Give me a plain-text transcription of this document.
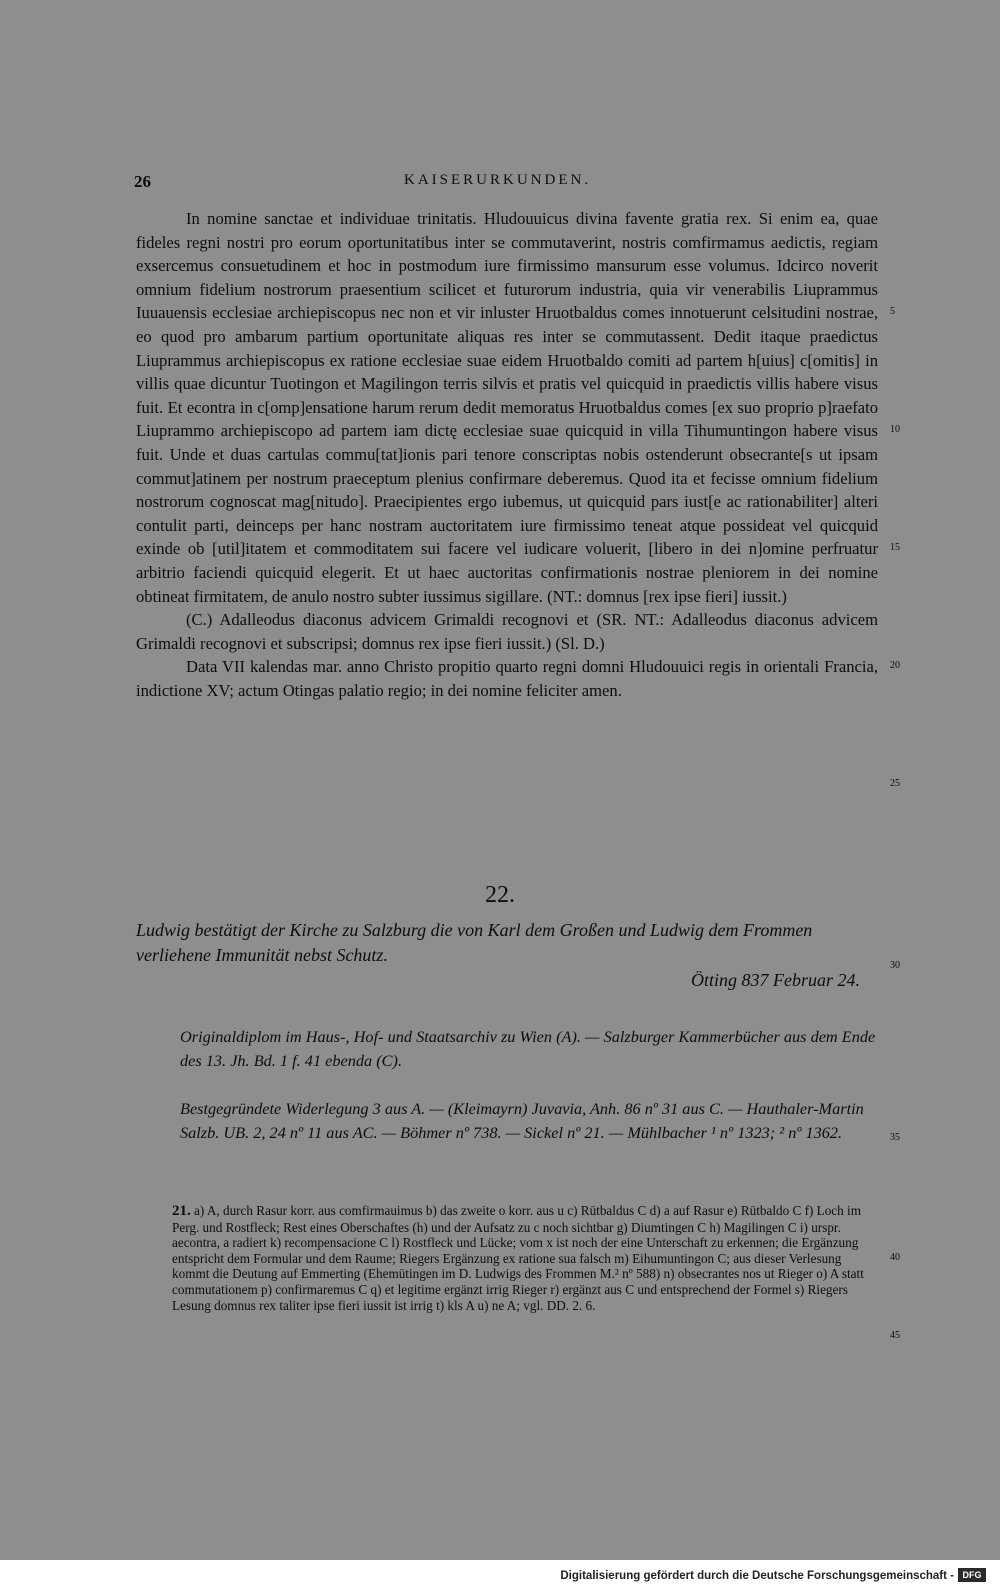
26	KAISERURKUNDEN.

In nomine sanctae et individuae trinitatis. Hludouuicus divina favente gratia rex. Si enim ea, quae fideles regni nostri pro eorum oportunitatibus inter se commutaverint, nostris comfirmamus aedictis, regiam exsercemus consuetudinem et hoc in postmodum iure firmissimo mansurum esse volumus. Idcirco noverit omnium fidelium nostrorum praesentium scilicet et futurorum industria, quia vir venerabilis Liuprammus Iuuauensis ecclesiae archiepiscopus nec non et vir inluster Hruotbaldus comes innotuerunt celsitudini nostrae, eo quod pro ambarum partium oportunitate aliquas res inter se commutassent. Dedit itaque praedictus Liuprammus archiepiscopus ex ratione ecclesiae suae eidem Hruotbaldo comiti ad partem h[uius] c[omitis] in villis quae dicuntur Tuotingon et Magilingon terris silvis et pratis vel quicquid in praedictis villis habere visus fuit. Et econtra in c[omp]ensatione harum rerum dedit memoratus Hruotbaldus comes [ex suo proprio p]raefato Liuprammo archiepiscopo ad partem iam dictę ecclesiae suae quicquid in villa Tihumuntingon habere visus fuit. Unde et duas cartulas commu[tat]ionis pari tenore conscriptas nobis ostenderunt obsecrante[s ut ipsam commut]atinem per nostrum praeceptum plenius confirmare deberemus. Quod ita et fecisse omnium fidelium nostrorum cognoscat mag[nitudo]. Praecipientes ergo iubemus, ut quicquid pars iust[e ac rationabiliter] alteri contulit parti, deinceps per hanc nostram auctoritatem iure firmissimo teneat atque possideat vel quicquid exinde ob [util]itatem et commoditatem sui facere vel iudicare voluerit, [libero in dei n]omine perfruatur arbitrio faciendi quicquid elegerit. Et ut haec auctoritas confirmationis nostrae pleniorem in dei nomine obtineat firmitatem, de anulo nostro subter iussimus sigillare. (NT.: domnus [rex ipse fieri] iussit.)

(C.) Adalleodus diaconus advicem Grimaldi recognovi et (SR. NT.: Adalleodus diaconus advicem Grimaldi recognovi et subscripsi; domnus rex ipse fieri iussit.) (Sl. D.)

Data VII kalendas mar. anno Christo propitio quarto regni domni Hludouuici regis in orientali Francia, indictione XV; actum Otingas palatio regio; in dei nomine feliciter amen.

5
10
15
20
25
30
35
40
45
22.
Ludwig bestätigt der Kirche zu Salzburg die von Karl dem Großen und Ludwig dem Frommen verliehene Immunität nebst Schutz.
Ötting 837 Februar 24.
Originaldiplom im Haus-, Hof- und Staatsarchiv zu Wien (A). — Salzburger Kammerbücher aus dem Ende des 13. Jh. Bd. 1 f. 41 ebenda (C).
Bestgegründete Widerlegung 3 aus A. — (Kleimayrn) Juvavia, Anh. 86 nº 31 aus C. — Hauthaler-Martin Salzb. UB. 2, 24 nº 11 aus AC. — Böhmer nº 738. — Sickel nº 21. — Mühlbacher ¹ nº 1323; ² nº 1362.
21. a) A, durch Rasur korr. aus comfirmauimus b) das zweite o korr. aus u c) Rūtbaldus C d) a auf Rasur e) Rūtbaldo C f) Loch im Perg. und Rostfleck; Rest eines Oberschaftes (h) und der Aufsatz zu c noch sichtbar g) Diumtingen C h) Magilingen C i) urspr. aecontra, a radiert k) recompensacione C l) Rostfleck und Lücke; vom x ist noch der eine Unterschaft zu erkennen; die Ergänzung entspricht dem Formular und dem Raume; Riegers Ergänzung ex ratione sua falsch m) Eihumuntingon C; aus dieser Verlesung kommt die Deutung auf Emmerting (Ehemūtingen im D. Ludwigs des Frommen M.² nº 588) n) obsecrantes nos ut Rieger o) A statt commutationem p) confirmaremus C q) et legitime ergänzt irrig Rieger r) ergänzt aus C und entsprechend der Formel s) Riegers Lesung domnus rex taliter ipse fieri iussit ist irrig t) kls A u) ne A; vgl. DD. 2. 6.
Digitalisierung gefördert durch die Deutsche Forschungsgemeinschaft - DFG
